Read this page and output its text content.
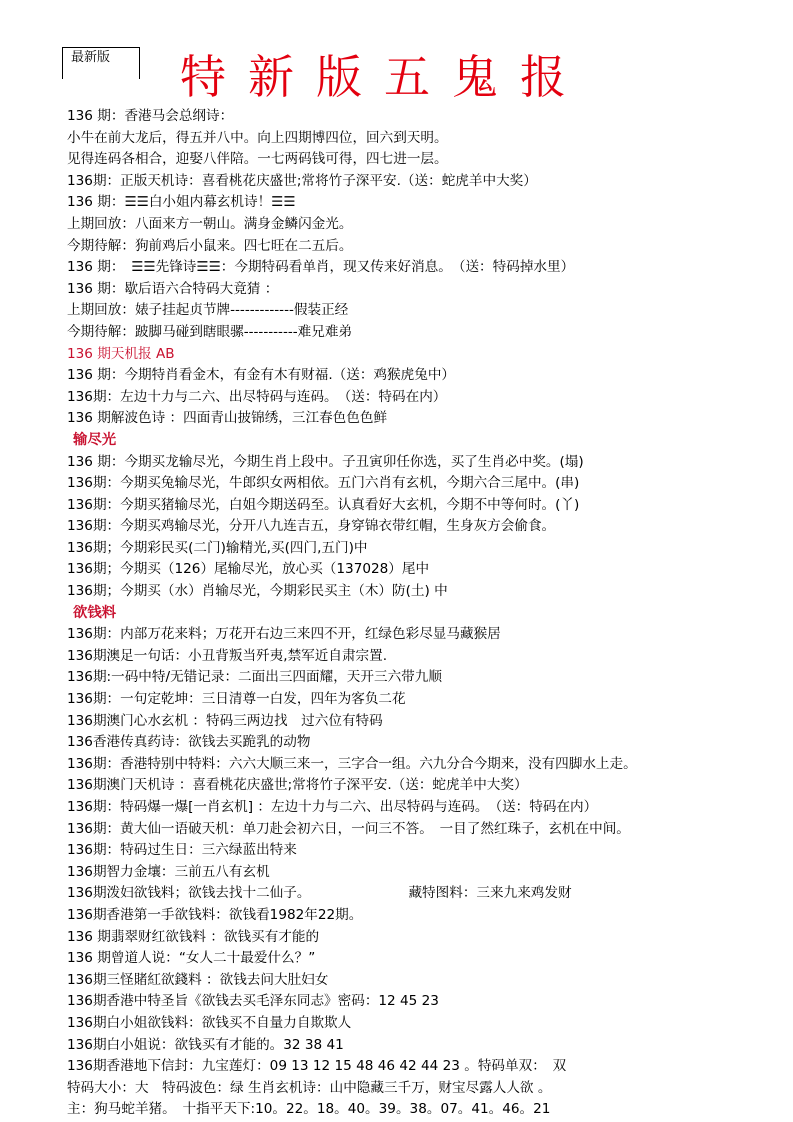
最新版	特新版五鬼报
136 期：香港马会总纲诗：
小牛在前大龙后，得五并八中。向上四期博四位，回六到天明。
见得连码各相合，迎娶八伴陪。一七两码钱可得，四七进一层。
136期：正版天机诗：喜看桃花庆盛世;常将竹子深平安.（送：蛇虎羊中大奖）
136 期：☰☰白小姐内幕玄机诗！☰☰
上期回放：八面来方一朝山。满身金鳞闪金光。
今期待解：狗前鸡后小鼠来。四七旺在二五后。
136 期：　☰☰先锋诗☰☰：今期特码看单肖，现又传来好消息。　（送：特码掉水里）
136 期：歇后语六合特码大竟猜 ：
上期回放：婊子挂起贞节牌-------------假装正经
今期待解：跛脚马碰到瞎眼骡-----------难兄难弟
136 期天机报 AB
136 期：今期特肖看金木，有金有木有财福.（送：鸡猴虎兔中）
136期：左边十力与二六、出尽特码与连码。　（送：特码在内）
136 期解波色诗 ：四面青山披锦绣，三江春色色色鲜
输尽光
136 期：今期买龙输尽光，今期生肖上段中。子丑寅卯任你选，买了生肖必中奖。(塌)
136期：今期买兔输尽光，牛郎织女两相依。五门六肖有玄机，今期六合三尾中。(串)
136期：今期买猪输尽光，白姐今期送码至。认真看好大玄机，今期不中等何时。(丫)
136期：今期买鸡输尽光，分开八九连吉五，身穿锦衣带红帽，生身灰方会偷食。
136期；今期彩民买(二门)输精光,买(四门,五门)中
136期；今期买（126）尾输尽光，放心买（137028）尾中
136期；今期买（水）肖输尽光，今期彩民买主（木）防(土) 中
欲钱料
136期：内部万花来料；万花开右边三来四不开，红绿色彩尽显马藏猴居
136期澳足一句话：小丑背叛当歼夷,禁军近自肃宗置.
136期:一码中特/无错记录：二面出三四面耀，天开三六带九顺
136期：一句定乾坤：三日清尊一白发，四年为客负二花
136期澳门心水玄机 ：特码三两边找　过六位有特码
136香港传真药诗：欲钱去买跪乳的动物
136期：香港特别中特料：六六大顺三来一，三字合一组。六九分合今期来，没有四脚水上走。
136期澳门天机诗 ：喜看桃花庆盛世;常将竹子深平安.（送：蛇虎羊中大奖）
136期：特码爆一爆[一肖玄机] ：左边十力与二六、出尽特码与连码。　（送：特码在内）
136期：黄大仙一语破天机：单刀赴会初六日，一问三不答。　一目了然红珠子，玄机在中间。
136期：特码过生日：三六绿蓝出特来
136期智力金壤：三前五八有玄机
136期泼妇欲钱料；欲钱去找十二仙子。	藏特图料：三来九来鸡发财
136期香港第一手欲钱料：欲钱看1982年22期。
136 期翡翠财红欲钱料 ：欲钱买有才能的
136 期曾道人说：“女人二十最爱什么？”
136期三怪賭紅欲錢料 ：欲钱去问大肚妇女
136期香港中特圣旨《欲钱去买毛泽东同志》密码：12 45 23
136期白小姐欲钱料：欲钱买不自量力自欺欺人
136期白小姐说：欲钱买有才能的。32 38 41
136期香港地下信封：九宝莲灯：09 13 12 15 48 46 42 44 23 。特码单双：　双
特码大小：大　特码波色：绿 生肖玄机诗：山中隐藏三千万，财宝尽露人人欲 。
主：狗马蛇羊猪。　十指平天下:10。22。18。40。39。38。07。41。46。21
